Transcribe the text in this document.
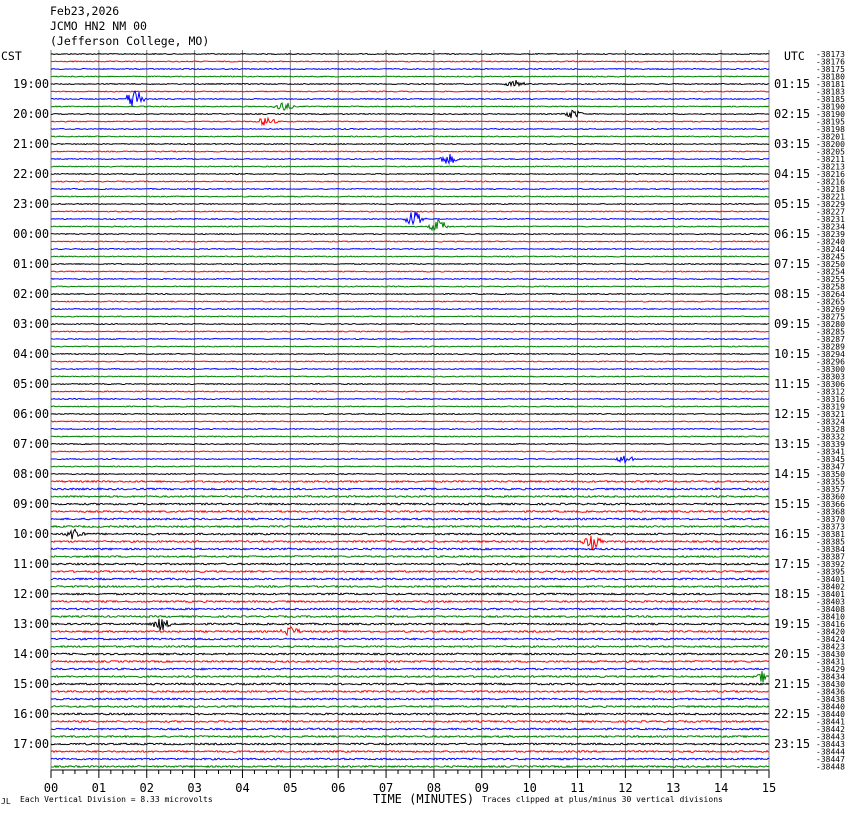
Feb23,2026
JCMO HN2 NM 00
(Jefferson College, MO)
CST	UTC
19:00
20:00
21:00
22:00
23:00
00:00
01:00
02:00
03:00
04:00
05:00
06:00
07:00
08:00
09:00
10:00
11:00
12:00
13:00
14:00
15:00
16:00
17:00
01:15
02:15
03:15
04:15
05:15
06:15
07:15
08:15
09:15
10:15
11:15
12:15
13:15
14:15
15:15
16:15
17:15
18:15
19:15
20:15
21:15
22:15
23:15
-38173
-38176
-38175
-38180
-38181
-38183
-38185
-38190
-38190
-38195
-38198
-38201
-38200
-38205
-38211
-38213
-38216
-38216
-38218
-38221
-38229
-38227
-38231
-38234
-38239
-38240
-38244
-38245
-38250
-38254
-38255
-38258
-38264
-38265
-38269
-38275
-38280
-38285
-38287
-38289
-38294
-38296
-38300
-38303
-38306
-38312
-38316
-38319
-38321
-38324
-38328
-38332
-38339
-38341
-38345
-38347
-38350
-38355
-38357
-38360
-38366
-38368
-38370
-38373
-38381
-38385
-38384
-38387
-38392
-38395
-38401
-38402
-38401
-38403
-38408
-38410
-38416
-38420
-38424
-38423
-38430
-38431
-38429
-38434
-38430
-38436
-38438
-38440
-38440
-38441
-38442
-38443
-38443
-38444
-38447
-38448
00	01	02	03	04	05	06	07	08	09	10	11	12	13	14	15
JL Each Vertical Division = 8.33 microvolts	TIME (MINUTES) Traces clipped at plus/minus 30 vertical divisions
